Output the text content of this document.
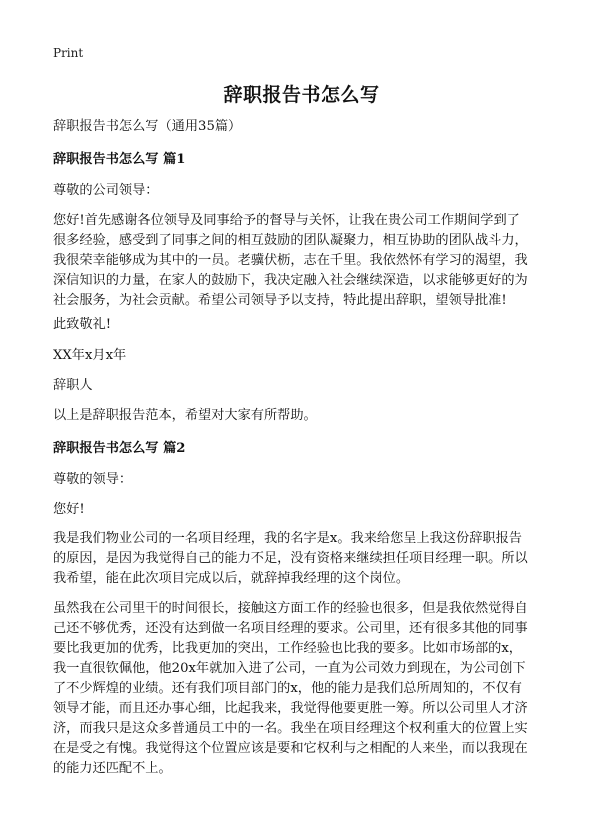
Print
辞职报告书怎么写

辞职报告书怎么写（通用35篇）

辞职报告书怎么写 篇1

尊敬的公司领导：

您好!首先感谢各位领导及同事给予的督导与关怀，让我在贵公司工作期间学到了
很多经验，感受到了同事之间的相互鼓励的团队凝聚力，相互协助的团队战斗力，
我很荣幸能够成为其中的一员。老骥伏枥，志在千里。我依然怀有学习的渴望，我
深信知识的力量，在家人的鼓励下，我决定融入社会继续深造，以求能够更好的为
社会服务，为社会贡献。希望公司领导予以支持，特此提出辞职，望领导批准!

此致敬礼!

XX年x月x年

辞职人

以上是辞职报告范本，希望对大家有所帮助。

辞职报告书怎么写 篇2

尊敬的领导：

您好!

我是我们物业公司的一名项目经理，我的名字是x。我来给您呈上我这份辞职报告
的原因，是因为我觉得自己的能力不足，没有资格来继续担任项目经理一职。所以
我希望，能在此次项目完成以后，就辞掉我经理的这个岗位。

虽然我在公司里干的时间很长，接触这方面工作的经验也很多，但是我依然觉得自
己还不够优秀，还没有达到做一名项目经理的要求。公司里，还有很多其他的同事
要比我更加的优秀，比我更加的突出，工作经验也比我的要多。比如市场部的x，
我一直很钦佩他，他20x年就加入进了公司，一直为公司效力到现在，为公司创下
了不少辉煌的业绩。还有我们项目部门的x，他的能力是我们总所周知的，不仅有
领导才能，而且还办事心细，比起我来，我觉得他要更胜一筹。所以公司里人才济
济，而我只是这众多普通员工中的一名。我坐在项目经理这个权利重大的位置上实
在是受之有愧。我觉得这个位置应该是要和它权利与之相配的人来坐，而以我现在
的能力还匹配不上。
